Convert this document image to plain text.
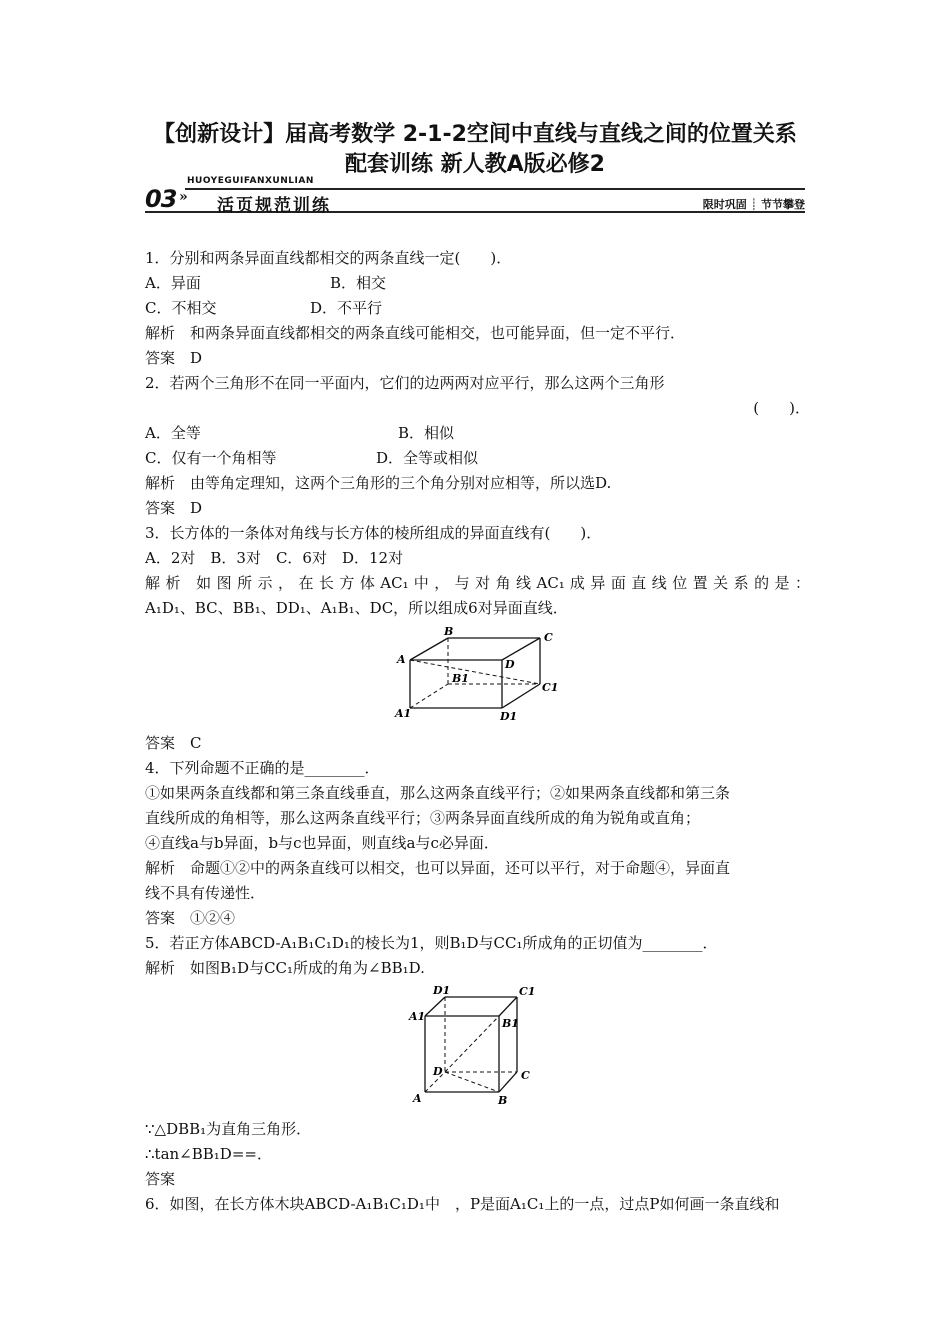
【创新设计】届高考数学 2-1-2空间中直线与直线之间的位置关系
配套训练 新人教A版必修2
HUOYEGUIFANXUNLIAN
03 » 活页规范训练	限时巩固 ┊ 节节攀登
1．分别和两条异面直线都相交的两条直线一定(　　)．
A．异面	B．相交
C．不相交	D．不平行
解析　和两条异面直线都相交的两条直线可能相交，也可能异面，但一定不平行．
答案　D
2．若两个三角形不在同一平面内，它们的边两两对应平行，那么这两个三角形
(　　)．
A．全等	B．相似
C．仅有一个角相等	D．全等或相似
解析　由等角定理知，这两个三角形的三个角分别对应相等，所以选D.
答案　D
3．长方体的一条体对角线与长方体的棱所组成的异面直线有(　　)．
A．2对　B．3对　C．6对　D．12对
解 析　如 图 所 示 ， 在 长 方 体 AC₁ 中 ， 与 对 角 线 AC₁ 成 异 面 直 线 位 置 关 系 的 是 ：
A₁D₁、BC、BB₁、DD₁、A₁B₁、DC，所以组成6对异面直线．
B	C
A	D
B1
C1
A1	D1
答案　C
4．下列命题不正确的是________．
①如果两条直线都和第三条直线垂直，那么这两条直线平行；②如果两条直线都和第三条
直线所成的角相等，那么这两条直线平行；③两条异面直线所成的角为锐角或直角；
④直线a与b异面，b与c也异面，则直线a与c必异面．
解析　命题①②中的两条直线可以相交，也可以异面，还可以平行，对于命题④，异面直
线不具有传递性．
答案　①②④
5．若正方体ABCD-A₁B₁C₁D₁的棱长为1，则B₁D与CC₁所成角的正切值为________．
解析　如图B₁D与CC₁所成的角为∠BB₁D.
D1	C1
A1
B1
D	C
A	B
∵△DBB₁为直角三角形．
∴tan∠BB₁D==．
答案
6．如图，在长方体木块ABCD-A₁B₁C₁D₁中　，P是面A₁C₁上的一点，过点P如何画一条直线和
